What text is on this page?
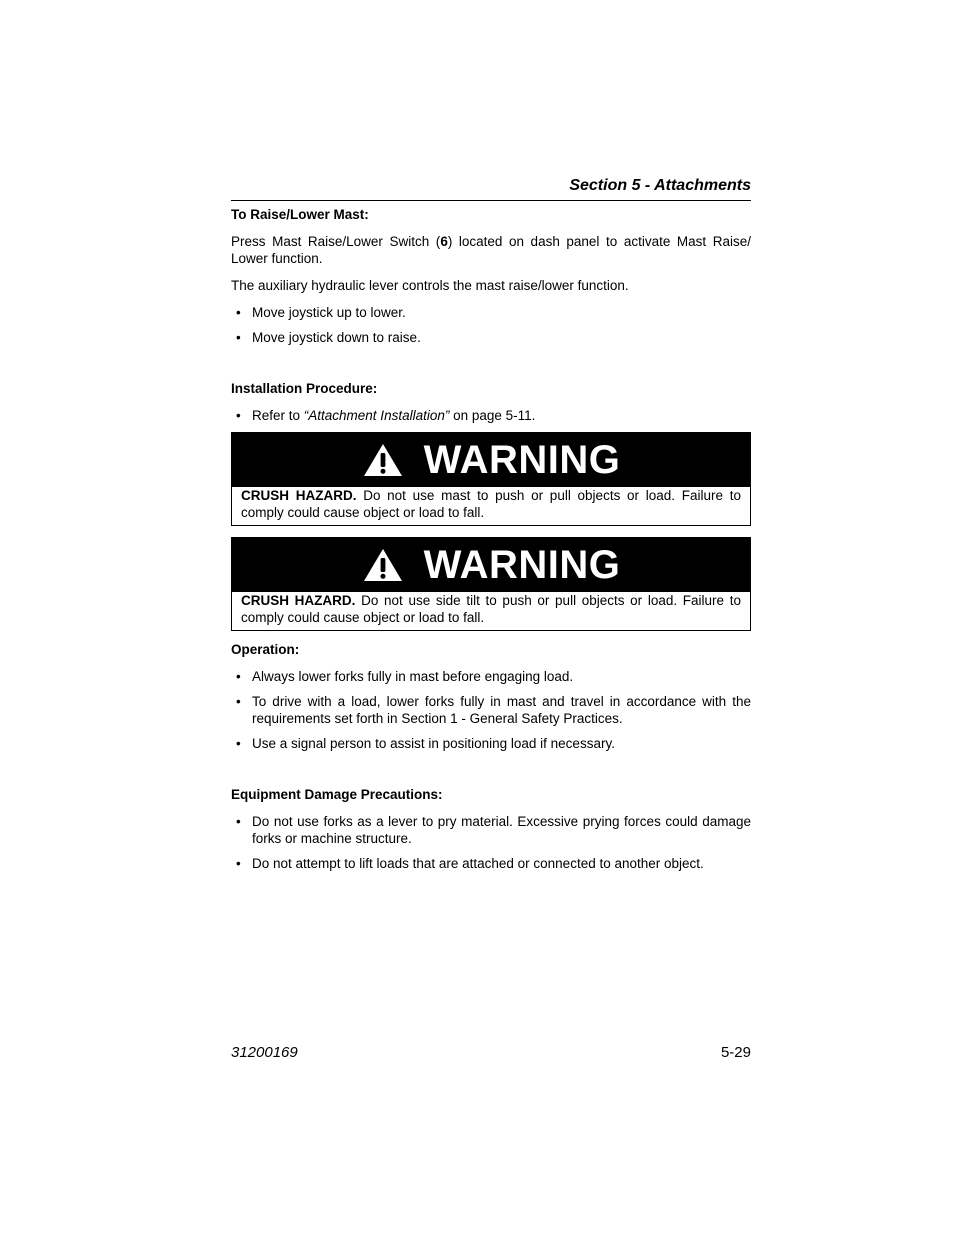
Section 5 - Attachments
To Raise/Lower Mast:

Press Mast Raise/Lower Switch (6) located on dash panel to activate Mast Raise/ Lower function.

The auxiliary hydraulic lever controls the mast raise/lower function.

• Move joystick up to lower.
• Move joystick down to raise.
Installation Procedure:
• Refer to “Attachment Installation” on page 5-11.
WARNING
CRUSH HAZARD. Do not use mast to push or pull objects or load. Failure to comply could cause object or load to fall.
WARNING
CRUSH HAZARD. Do not use side tilt to push or pull objects or load. Failure to comply could cause object or load to fall.
Operation:
• Always lower forks fully in mast before engaging load.
• To drive with a load, lower forks fully in mast and travel in accordance with the requirements set forth in Section 1 - General Safety Practices.
• Use a signal person to assist in positioning load if necessary.
Equipment Damage Precautions:
• Do not use forks as a lever to pry material. Excessive prying forces could damage forks or machine structure.
• Do not attempt to lift loads that are attached or connected to another object.
31200169	5-29
